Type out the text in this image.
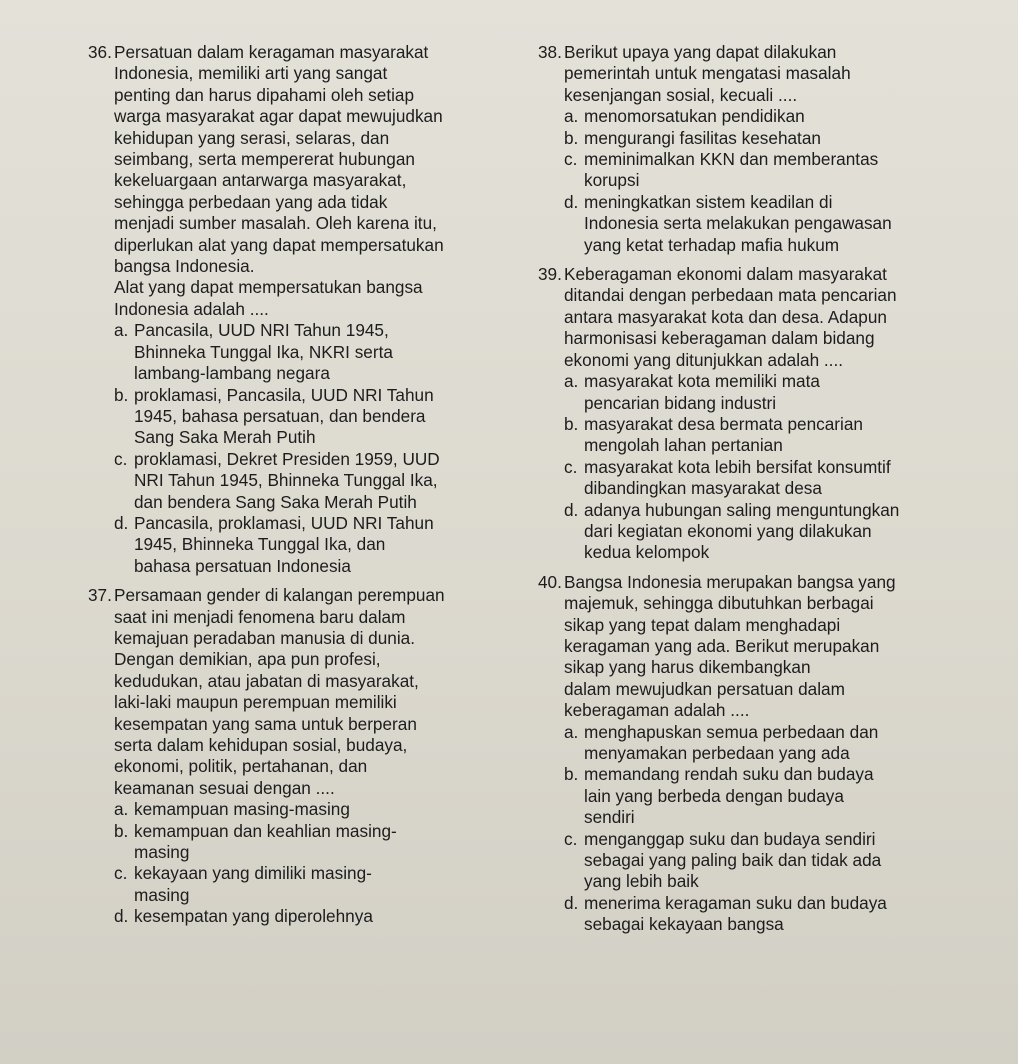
36. Persatuan dalam keragaman masyarakat
Indonesia, memiliki arti yang sangat
penting dan harus dipahami oleh setiap
warga masyarakat agar dapat mewujudkan
kehidupan yang serasi, selaras, dan
seimbang, serta mempererat hubungan
kekeluargaan antarwarga masyarakat,
sehingga perbedaan yang ada tidak
menjadi sumber masalah. Oleh karena itu,
diperlukan alat yang dapat mempersatukan
bangsa Indonesia.
Alat yang dapat mempersatukan bangsa
Indonesia adalah ....
a. Pancasila, UUD NRI Tahun 1945,
Bhinneka Tunggal Ika, NKRI serta
lambang-lambang negara
b. proklamasi, Pancasila, UUD NRI Tahun
1945, bahasa persatuan, dan bendera
Sang Saka Merah Putih
c. proklamasi, Dekret Presiden 1959, UUD
NRI Tahun 1945, Bhinneka Tunggal Ika,
dan bendera Sang Saka Merah Putih
d. Pancasila, proklamasi, UUD NRI Tahun
1945, Bhinneka Tunggal Ika, dan
bahasa persatuan Indonesia
37. Persamaan gender di kalangan perempuan
saat ini menjadi fenomena baru dalam
kemajuan peradaban manusia di dunia.
Dengan demikian, apa pun profesi,
kedudukan, atau jabatan di masyarakat,
laki-laki maupun perempuan memiliki
kesempatan yang sama untuk berperan
serta dalam kehidupan sosial, budaya,
ekonomi, politik, pertahanan, dan
keamanan sesuai dengan ....
a. kemampuan masing-masing
b. kemampuan dan keahlian masing-
masing
c. kekayaan yang dimiliki masing-
masing
d. kesempatan yang diperolehnya
38. Berikut upaya yang dapat dilakukan
pemerintah untuk mengatasi masalah
kesenjangan sosial, kecuali ....
a. menomorsatukan pendidikan
b. mengurangi fasilitas kesehatan
c. meminimalkan KKN dan memberantas
korupsi
d. meningkatkan sistem keadilan di
Indonesia serta melakukan pengawasan
yang ketat terhadap mafia hukum
39. Keberagaman ekonomi dalam masyarakat
ditandai dengan perbedaan mata pencarian
antara masyarakat kota dan desa. Adapun
harmonisasi keberagaman dalam bidang
ekonomi yang ditunjukkan adalah ....
a. masyarakat kota memiliki mata
pencarian bidang industri
b. masyarakat desa bermata pencarian
mengolah lahan pertanian
c. masyarakat kota lebih bersifat konsumtif
dibandingkan masyarakat desa
d. adanya hubungan saling menguntungkan
dari kegiatan ekonomi yang dilakukan
kedua kelompok
40. Bangsa Indonesia merupakan bangsa yang
majemuk, sehingga dibutuhkan berbagai
sikap yang tepat dalam menghadapi
keragaman yang ada. Berikut merupakan
sikap yang harus dikembangkan
dalam mewujudkan persatuan dalam
keberagaman adalah ....
a. menghapuskan semua perbedaan dan
menyamakan perbedaan yang ada
b. memandang rendah suku dan budaya
lain yang berbeda dengan budaya
sendiri
c. menganggap suku dan budaya sendiri
sebagai yang paling baik dan tidak ada
yang lebih baik
d. menerima keragaman suku dan budaya
sebagai kekayaan bangsa
